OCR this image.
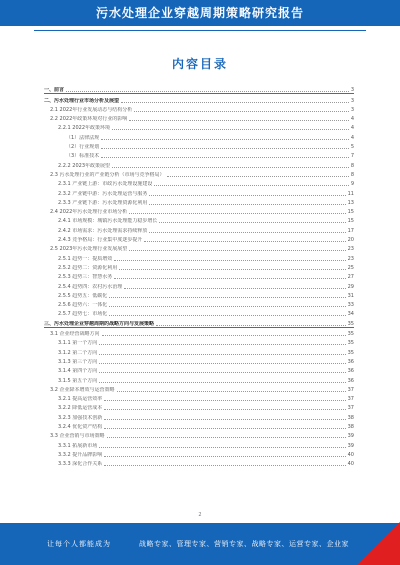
污水处理企业穿越周期策略研究报告
内容目录
一、前言	3
二、污水处理行业市场分析及展望	3
2.1 2022年行业发展动态与结构分析	3
2.2 2022年政策环境对行业的影响	4
2.2.1 2022年政策环境	4
（1）法律法规	4
（2）行业规划	5
（3）标准技术	7
2.2.2 2023年政策展望	8
2.3 污水处理行业的产业链分析（市场与竞争格局）	8
2.3.1 产业链上游：市政污水处理设施建设	9
2.3.2 产业链中游：污水处理运营与服务	11
2.3.3 产业链下游：污水处理资源化利用	13
2.4 2022年污水处理行业市场分析	15
2.4.1 市场规模：城镇污水处理能力稳步增长	15
2.4.2 市场需求：污水处理需求持续释放	17
2.4.3 竞争格局：行业集中度逐步提升	20
2.5 2023年污水处理行业发展展望	23
2.5.1 趋势一：提质增效	23
2.5.2 趋势二：资源化利用	25
2.5.3 趋势三：智慧水务	27
2.5.4 趋势四：农村污水治理	29
2.5.5 趋势五：低碳化	31
2.5.6 趋势六：一体化	33
2.5.7 趋势七：市场化	34
三、污水处理企业穿越周期的战略方向与发展策略	35
3.1 企业经营战略方向	35
3.1.1 第一个方向	35
3.1.2 第二个方向	35
3.1.3 第三个方向	36
3.1.4 第四个方向	36
3.1.5 第五个方向	36
3.2 企业降本增效与运营策略	37
3.2.1 提高运营效率	37
3.2.2 降低运营成本	37
3.2.3 加强技术创新	38
3.2.4 优化资产结构	38
3.3 企业营销与市场策略	39
3.3.1 拓展新市场	39
3.3.2 提升品牌影响	40
3.3.3 深化合作关系	40
2
让每个人都能成为	战略专家、管理专家、营销专家、战略专家、运营专家、企业家
